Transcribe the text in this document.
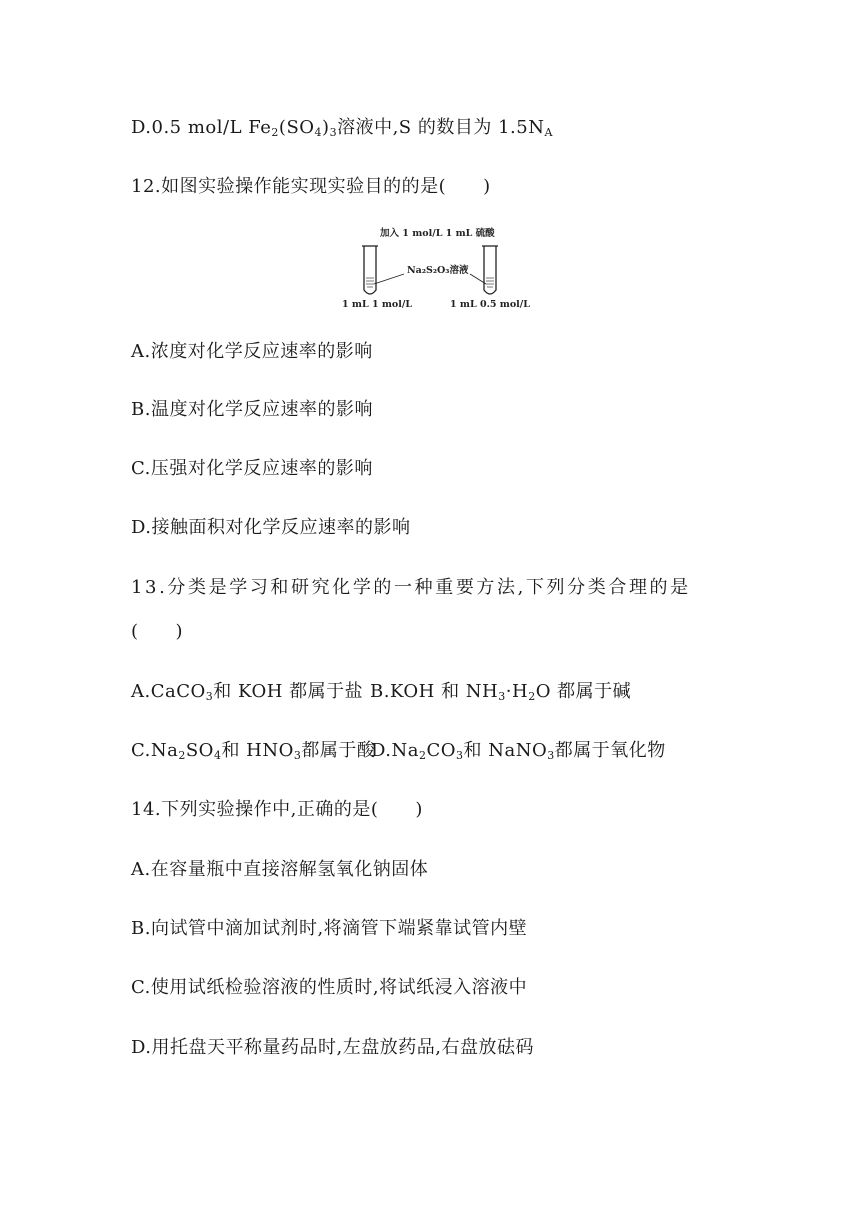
D.0.5 mol/L $Fe_2(SO_4)_3$溶液中,S 的数目为 $1.5N_A$
12.如图实验操作能实现实验目的的是(　　)
加入 1 mol/L 1 mL 硫酸
Na₂S₂O₃溶液
1 mL 1 mol/L	1 mL 0.5 mol/L
A.浓度对化学反应速率的影响
B.温度对化学反应速率的影响
C.压强对化学反应速率的影响
D.接触面积对化学反应速率的影响
13.分类是学习和研究化学的一种重要方法,下列分类合理的是
(　　)
A.CaCO$_3$和 KOH 都属于盐 B.KOH 和 $NH_3\cdot H_2O$ 都属于碱
$C.Na_2SO_4$和 $HNO_3$都属于酸
$D.Na_2CO_3$和 NaNO$_3$都属于氧化物
14.下列实验操作中,正确的是(　　)
A.在容量瓶中直接溶解氢氧化钠固体
B.向试管中滴加试剂时,将滴管下端紧靠试管内壁
C.使用试纸检验溶液的性质时,将试纸浸入溶液中
D.用托盘天平称量药品时,左盘放药品,右盘放砝码
